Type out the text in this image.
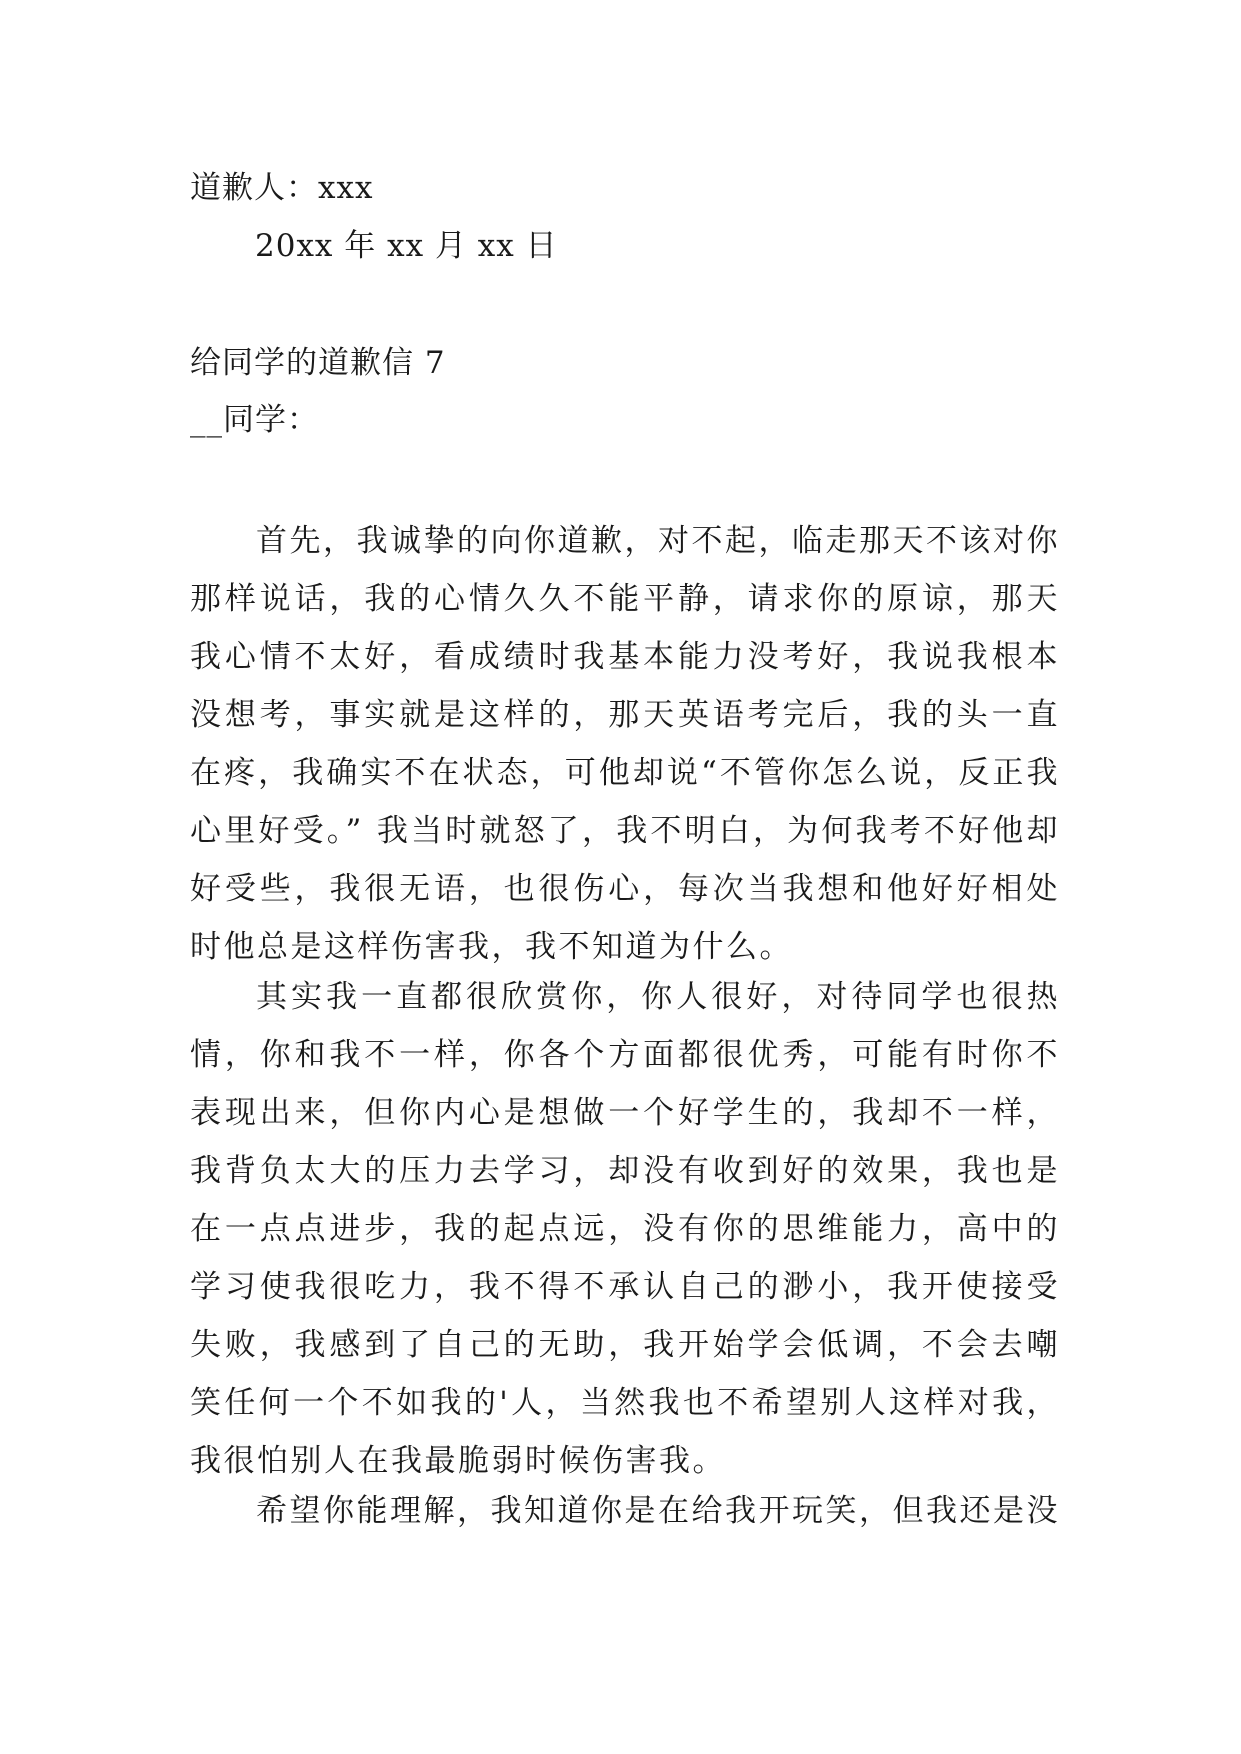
道歉人：xxx
20xx 年 xx 月 xx 日
给同学的道歉信 7
__同学：

首先，我诚挚的向你道歉，对不起，临走那天不该对你那样说话，我的心情久久不能平静，请求你的原谅，那天我心情不太好，看成绩时我基本能力没考好，我说我根本没想考，事实就是这样的，那天英语考完后，我的头一直在疼，我确实不在状态，可他却说“不管你怎么说，反正我心里好受。” 我当时就怒了，我不明白，为何我考不好他却好受些，我很无语，也很伤心，每次当我想和他好好相处时他总是这样伤害我，我不知道为什么。

其实我一直都很欣赏你，你人很好，对待同学也很热情，你和我不一样，你各个方面都很优秀，可能有时你不表现出来，但你内心是想做一个好学生的，我却不一样，我背负太大的压力去学习，却没有收到好的效果，我也是在一点点进步，我的起点远，没有你的思维能力，高中的学习使我很吃力，我不得不承认自己的渺小，我开使接受失败，我感到了自己的无助，我开始学会低调，不会去嘲笑任何一个不如我的'人，当然我也不希望别人这样对我，我很怕别人在我最脆弱时候伤害我。

希望你能理解，我知道你是在给我开玩笑，但我还是没
